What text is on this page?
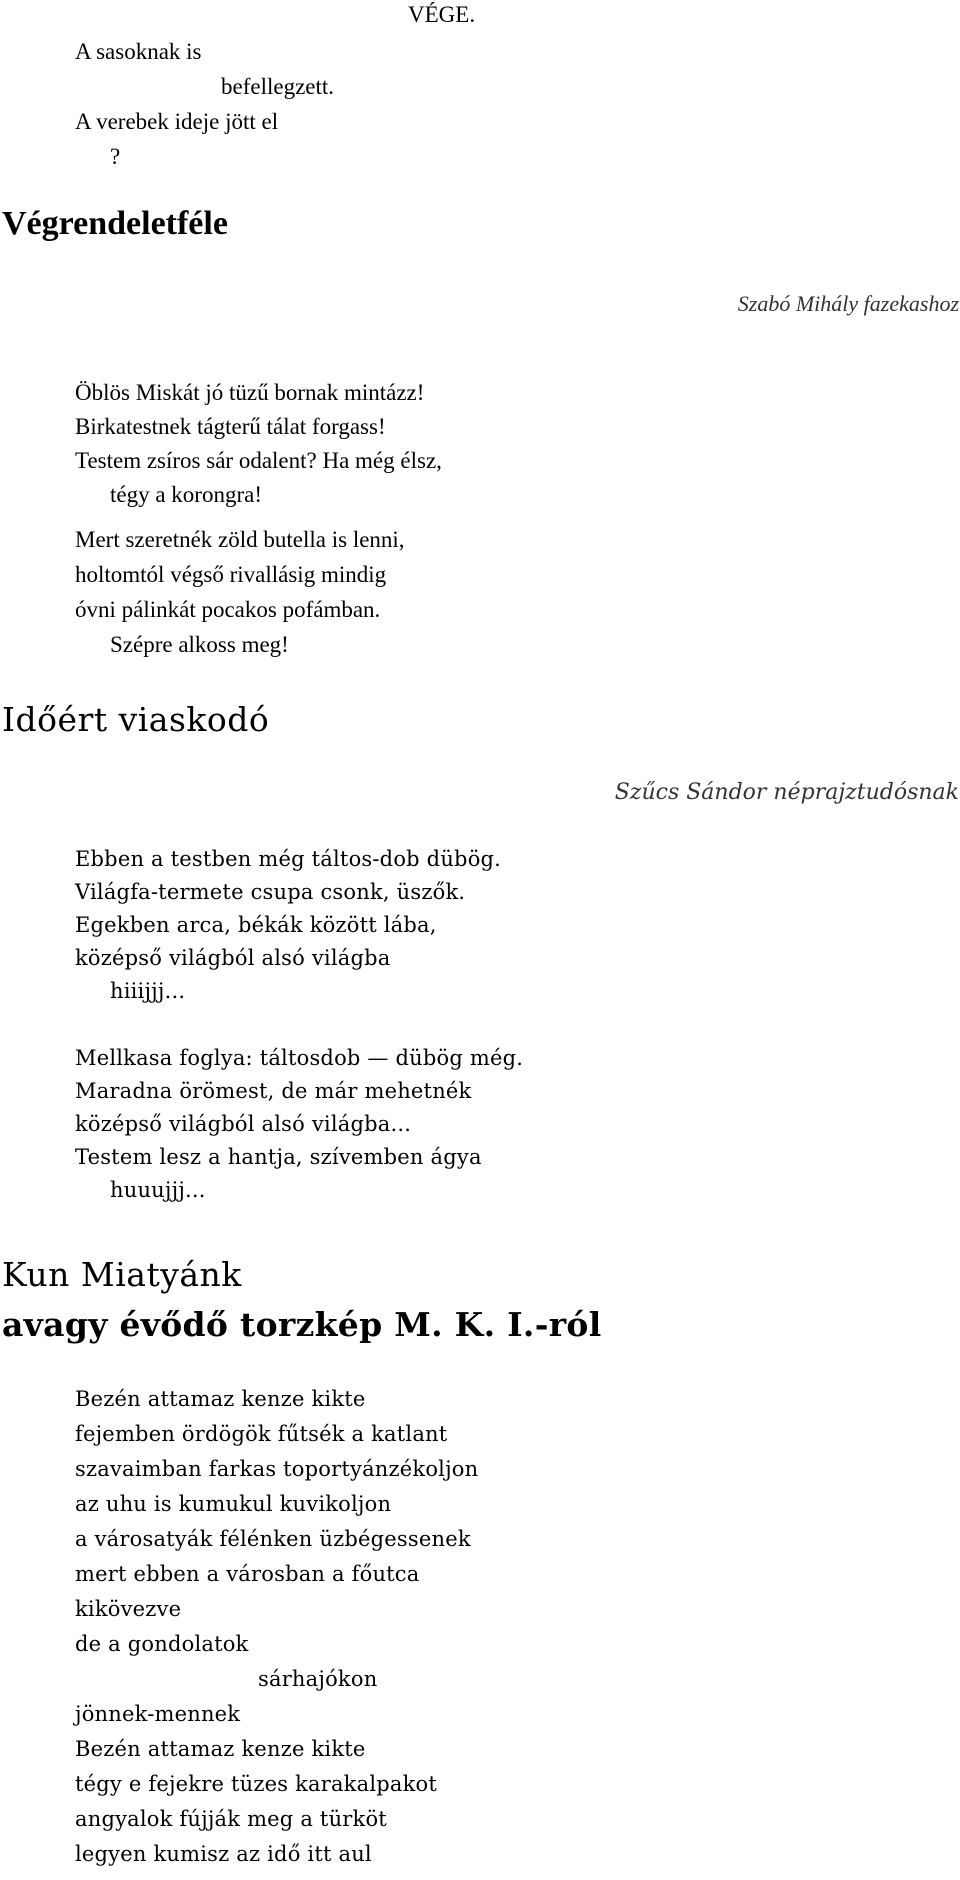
VÉGE.

A sasoknak is

befellegzett.

A verebek ideje jött el

?

Végrendeletféle

Szabó Mihály fazekashoz

Öblös Miskát jó tüzű bornak mintázz!

Birkatestnek tágterű tálat forgass!

Testem zsíros sár odalent? Ha még élsz,

tégy a korongra!

Mert szeretnék zöld butella is lenni,

holtomtól végső rivallásig mindig

óvni pálinkát pocakos pofámban.

Szépre alkoss meg!

Időért viaskodó

Szűcs Sándor néprajztudósnak

Ebben a testben még táltos-dob dübög.

Világfa-termete csupa csonk, üszők.

Egekben arca, békák között lába,

középső világból alsó világba

hiiijjj...

Mellkasa foglya: táltosdob — dübög még.

Maradna örömest, de már mehetnék

középső világból alsó világba...

Testem lesz a hantja, szívemben ágya

huuujjj...

Kun Miatyánk
avagy évődő torzkép M. K. I.-ról

Bezén attamaz kenze kikte

fejemben ördögök fűtsék a katlant

szavaimban farkas toportyánzékoljon

az uhu is kumukul kuvikoljon

a városatyák félénken üzbégessenek

mert ebben a városban a főutca

kikövezve

de a gondolatok

sárhajókon

jönnek-mennek

Bezén attamaz kenze kikte

tégy e fejekre tüzes karakalpakot

angyalok fújják meg a türköt

legyen kumisz az idő itt aul
